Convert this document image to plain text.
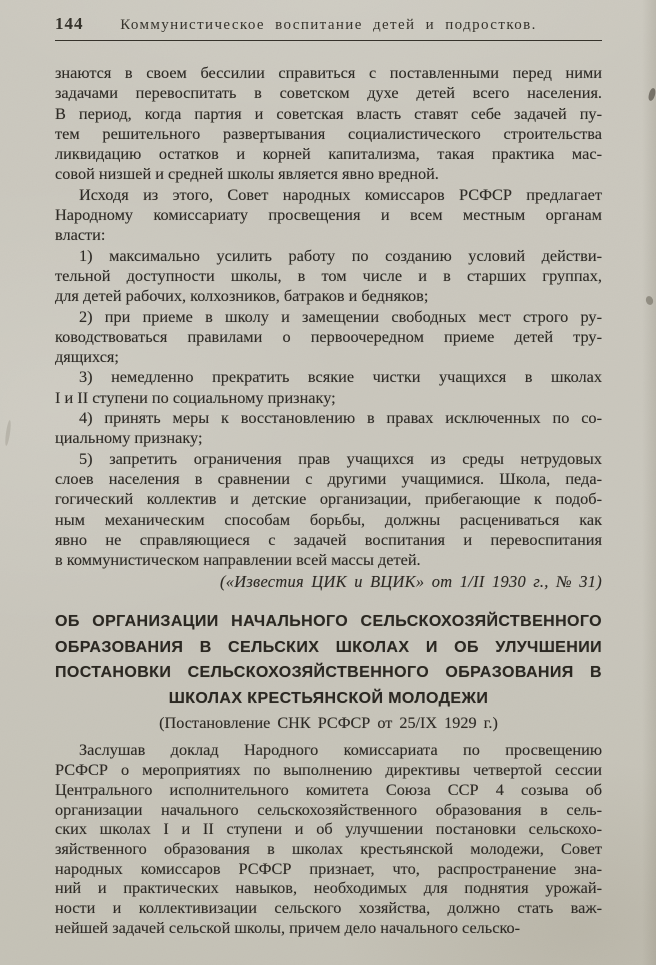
144	Коммунистическое воспитание детей и подростков.
знаются в своем бессилии справиться с поставленными перед ними
задачами перевоспитать в советском духе детей всего населения.
В период, когда партия и советская власть ставят себе задачей пу-
тем решительного развертывания социалистического строительства
ликвидацию остатков и корней капитализма, такая практика мас-
совой низшей и средней школы является явно вредной.
Исходя из этого, Совет народных комиссаров РСФСР предлагает
Народному комиссариату просвещения и всем местным органам
власти:
1) максимально усилить работу по созданию условий действи-
тельной доступности школы, в том числе и в старших группах,
для детей рабочих, колхозников, батраков и бедняков;
2) при приеме в школу и замещении свободных мест строго ру-
ководствоваться правилами о первоочередном приеме детей тру-
дящихся;
3) немедленно прекратить всякие чистки учащихся в школах
I и II ступени по социальному признаку;
4) принять меры к восстановлению в правах исключенных по со-
циальному признаку;
5) запретить ограничения прав учащихся из среды нетрудовых
слоев населения в сравнении с другими учащимися. Школа, педа-
гогический коллектив и детские организации, прибегающие к подоб-
ным механическим способам борьбы, должны расцениваться как
явно не справляющиеся с задачей воспитания и перевоспитания
в коммунистическом направлении всей массы детей.
(«Известия ЦИК и ВЦИК» от 1/II 1930 г., № 31)
ОБ ОРГАНИЗАЦИИ НАЧАЛЬНОГО СЕЛЬСКОХОЗЯЙСТВЕННОГО
ОБРАЗОВАНИЯ В СЕЛЬСКИХ ШКОЛАХ И ОБ УЛУЧШЕНИИ
ПОСТАНОВКИ СЕЛЬСКОХОЗЯЙСТВЕННОГО ОБРАЗОВАНИЯ В
ШКОЛАХ КРЕСТЬЯНСКОЙ МОЛОДЕЖИ
(Постановление СНК РСФСР от 25/IX 1929 г.)
Заслушав доклад Народного комиссариата по просвещению
РСФСР о мероприятиях по выполнению директивы четвертой сессии
Центрального исполнительного комитета Союза ССР 4 созыва об
организации начального сельскохозяйственного образования в сель-
ских школах I и II ступени и об улучшении постановки сельскохо-
зяйственного образования в школах крестьянской молодежи, Совет
народных комиссаров РСФСР признает, что, распространение зна-
ний и практических навыков, необходимых для поднятия урожай-
ности и коллективизации сельского хозяйства, должно стать важ-
нейшей задачей сельской школы, причем дело начального сельско-
